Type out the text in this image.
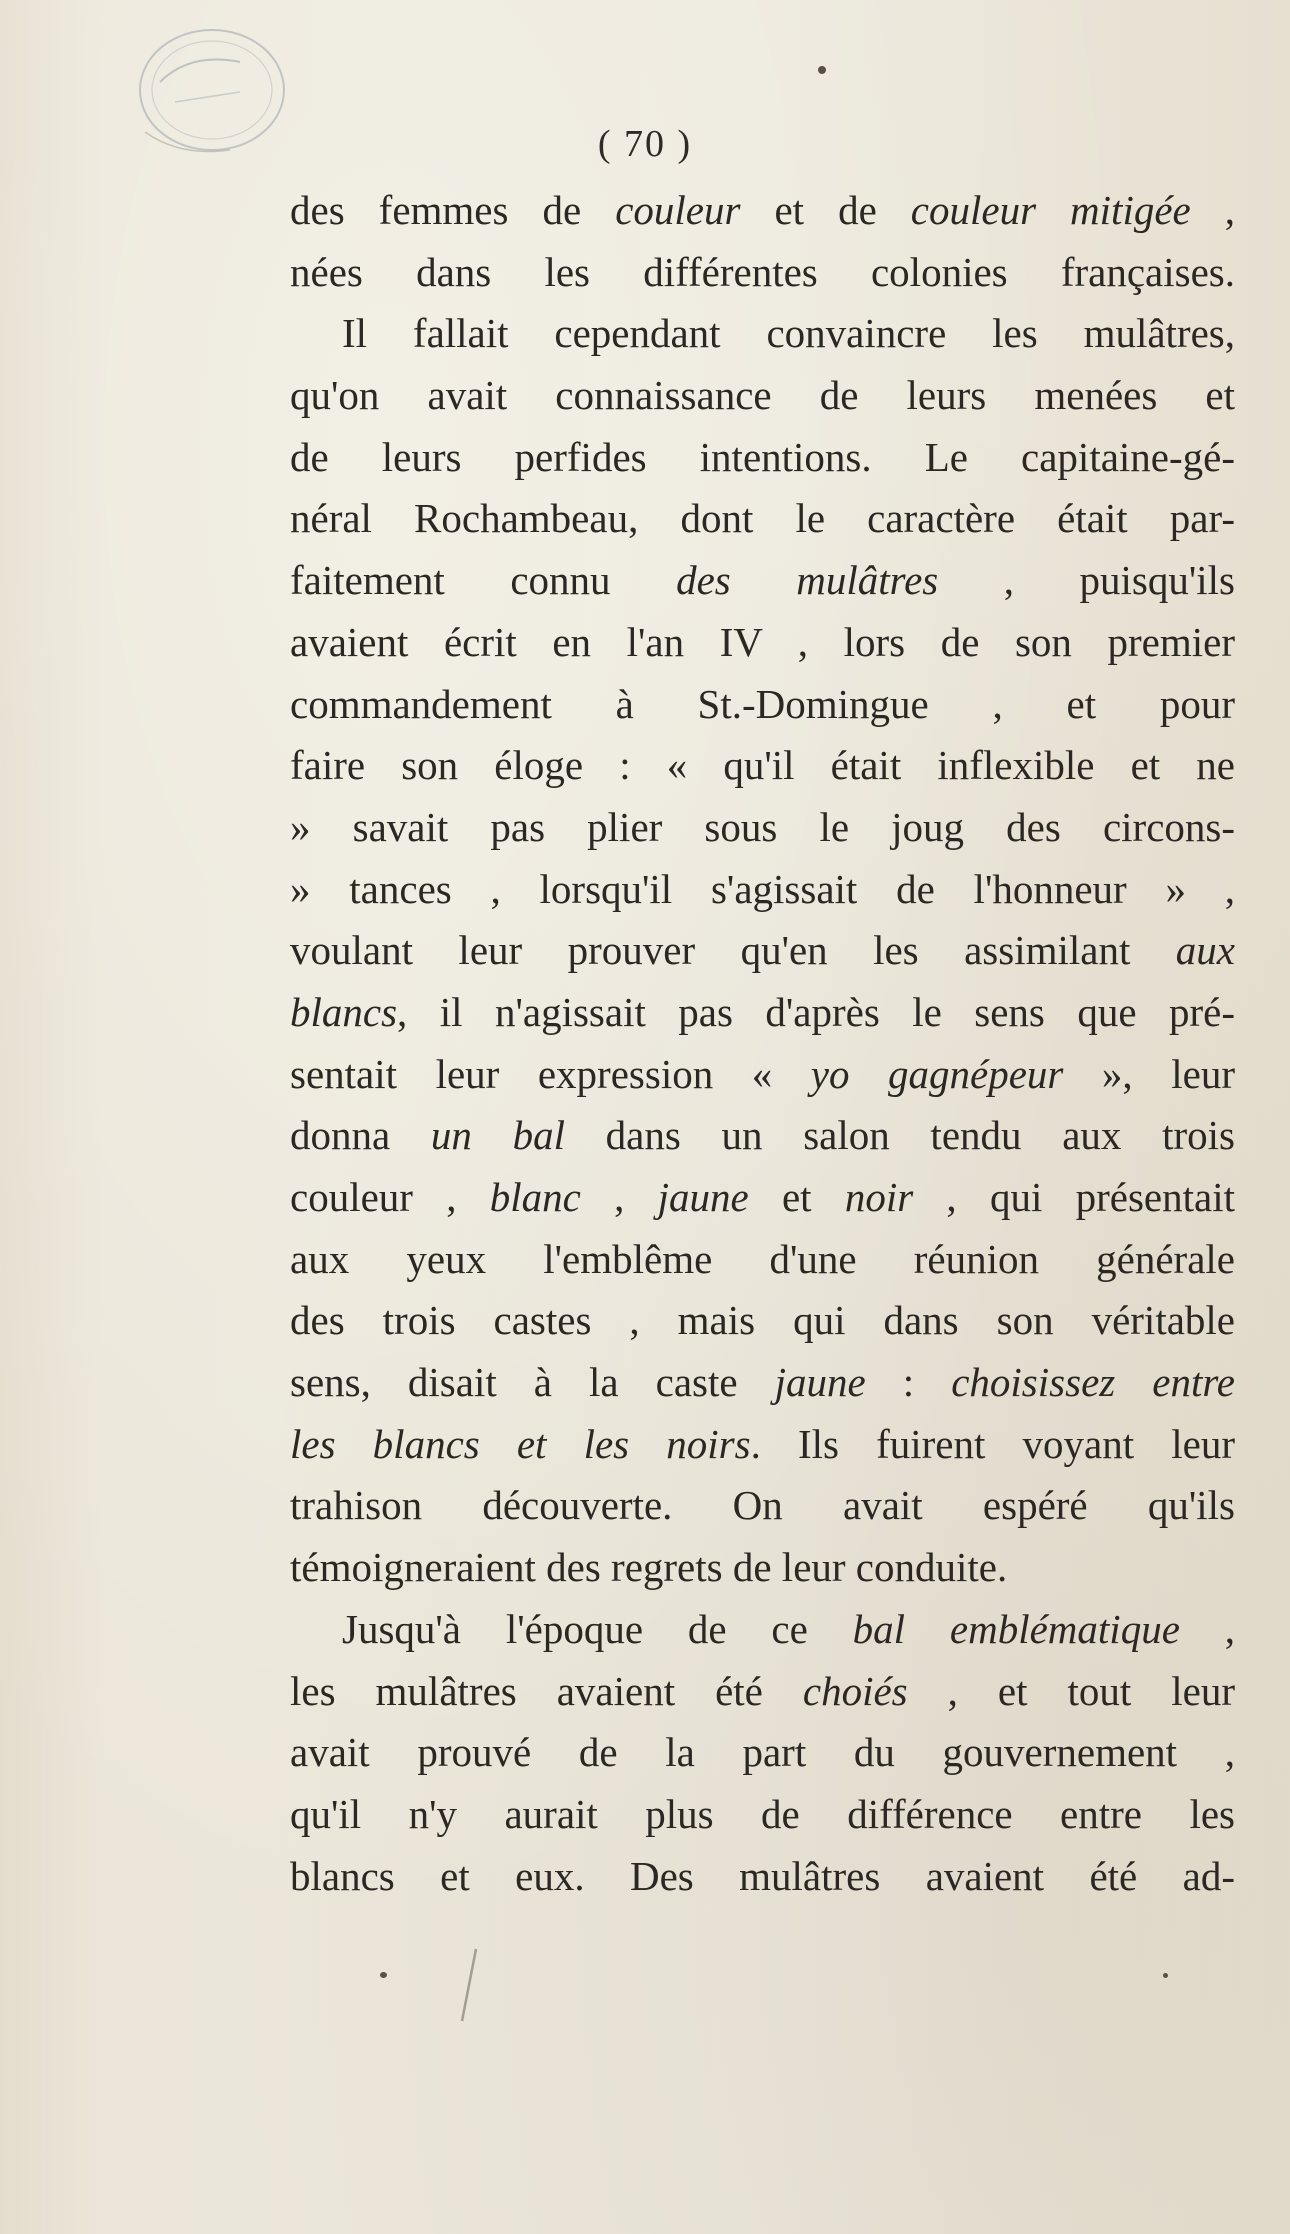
( 70 )
des femmes de couleur et de couleur mitigée ,
nées dans les différentes colonies françaises.
Il fallait cependant convaincre les mulâtres,
qu'on avait connaissance de leurs menées et
de leurs perfides intentions. Le capitaine-gé-
néral Rochambeau, dont le caractère était par-
faitement connu des mulâtres , puisqu'ils
avaient écrit en l'an IV , lors de son premier
commandement à St.-Domingue , et pour
faire son éloge : « qu'il était inflexible et ne
» savait pas plier sous le joug des circons-
» tances , lorsqu'il s'agissait de l'honneur » ,
voulant leur prouver qu'en les assimilant aux
blancs, il n'agissait pas d'après le sens que pré-
sentait leur expression « yo gagnépeur », leur
donna un bal dans un salon tendu aux trois
couleur , blanc , jaune et noir , qui présentait
aux yeux l'emblême d'une réunion générale
des trois castes , mais qui dans son véritable
sens, disait à la caste jaune : choisissez entre
les blancs et les noirs. Ils fuirent voyant leur
trahison découverte. On avait espéré qu'ils
témoigneraient des regrets de leur conduite.
Jusqu'à l'époque de ce bal emblématique ,
les mulâtres avaient été choiés , et tout leur
avait prouvé de la part du gouvernement ,
qu'il n'y aurait plus de différence entre les
blancs et eux. Des mulâtres avaient été ad-
